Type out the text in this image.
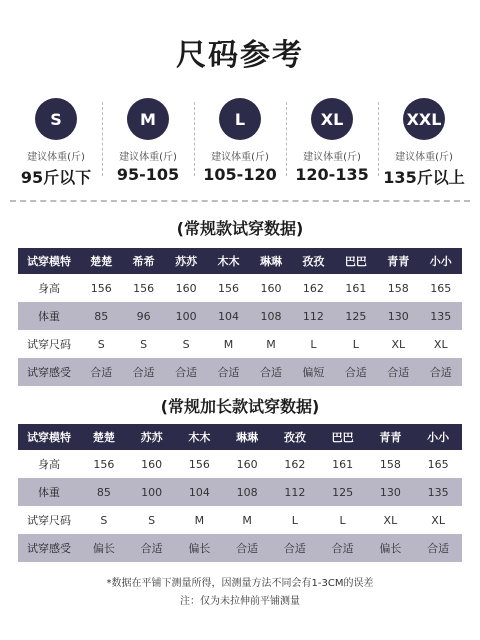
尺码参考
S
建议体重(斤)
95斤以下
M
建议体重(斤)
95-105
L
建议体重(斤)
105-120
XL
建议体重(斤)
120-135
XXL
建议体重(斤)
135斤以上
(常规款试穿数据)
试穿模特	楚楚	希希	苏苏	木木	琳琳	孜孜	巴巴	青青	小小
身高	156	156	160	156	160	162	161	158	165
体重	85	96	100	104	108	112	125	130	135
试穿尺码	S	S	S	M	M	L	L	XL	XL
试穿感受	合适	合适	合适	合适	合适	偏短	合适	合适	合适
(常规加长款试穿数据)
试穿模特	楚楚	苏苏	木木	琳琳	孜孜	巴巴	青青	小小
身高	156	160	156	160	162	161	158	165
体重	85	100	104	108	112	125	130	135
试穿尺码	S	S	M	M	L	L	XL	XL
试穿感受	偏长	合适	偏长	合适	合适	合适	偏长	合适
*数据在平铺下测量所得，因测量方法不同会有1-3CM的误差
注：仅为未拉伸前平铺测量
